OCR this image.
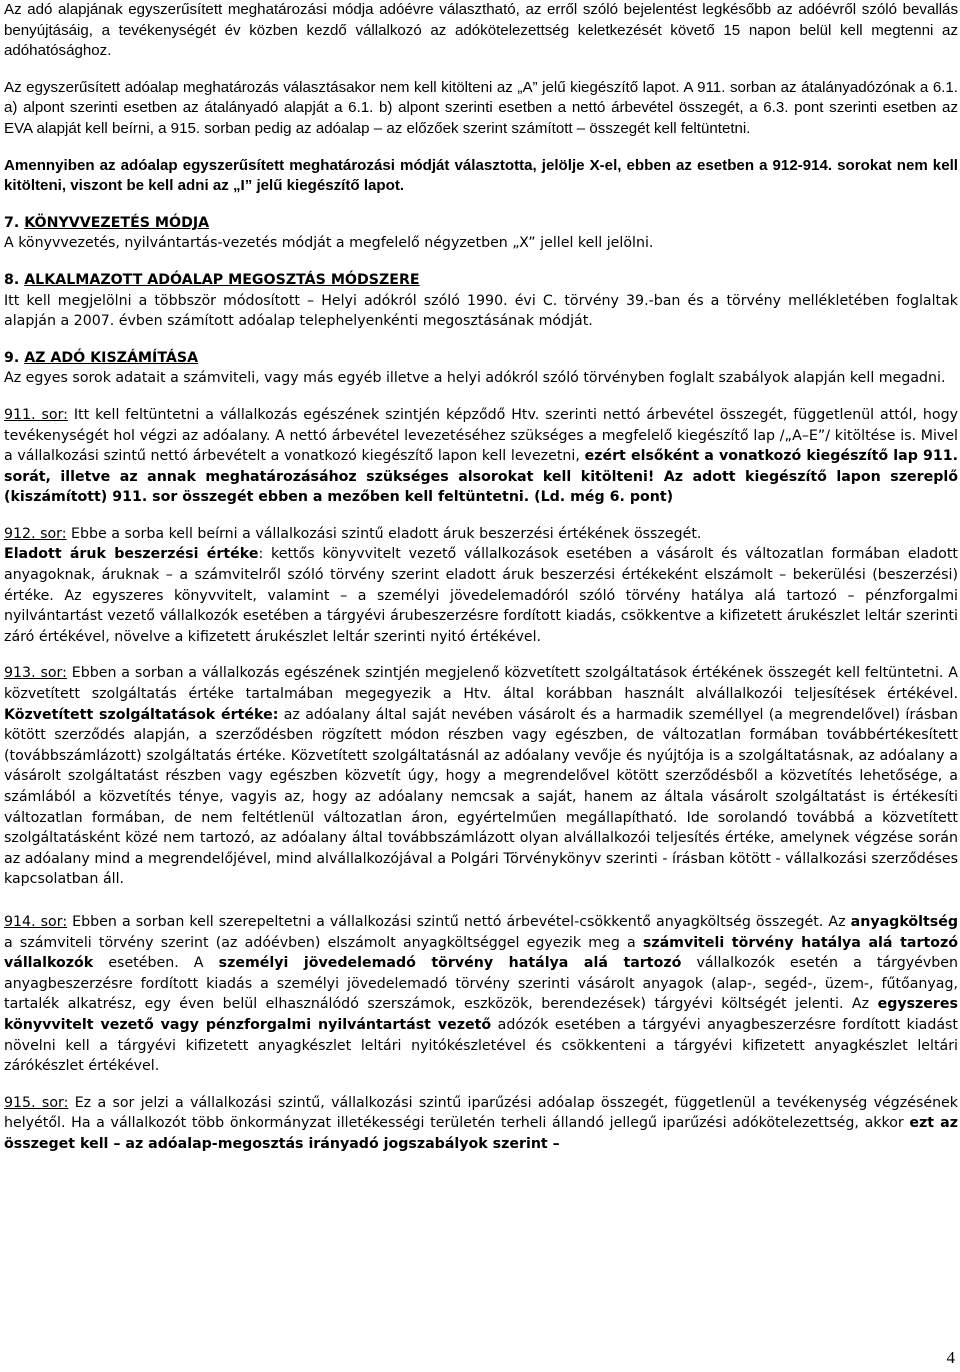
Az adó alapjának egyszerűsített meghatározási módja adóévre választható, az erről szóló bejelentést legkésőbb az adóévről szóló bevallás benyújtásáig, a tevékenységét év közben kezdő vállalkozó az adókötelezettség keletkezését követő 15 napon belül kell megtenni az adóhatósághoz.

Az egyszerűsített adóalap meghatározás választásakor nem kell kitölteni az „A” jelű kiegészítő lapot. A 911. sorban az átalányadózónak a 6.1. a) alpont szerinti esetben az átalányadó alapját a 6.1. b) alpont szerinti esetben a nettó árbevétel összegét, a 6.3. pont szerinti esetben az EVA alapját kell beírni, a 915. sorban pedig az adóalap – az előzőek szerint számított – összegét kell feltüntetni.

Amennyiben az adóalap egyszerűsített meghatározási módját választotta, jelölje X-el, ebben az esetben a 912-914. sorokat nem kell kitölteni, viszont be kell adni az „I” jelű kiegészítő lapot.

7. KÖNYVVEZETÉS MÓDJA

A könyvvezetés, nyilvántartás-vezetés módját a megfelelő négyzetben „X” jellel kell jelölni.

8. ALKALMAZOTT ADÓALAP MEGOSZTÁS MÓDSZERE

Itt kell megjelölni a többször módosított – Helyi adókról szóló 1990. évi C. törvény 39.-ban és a törvény mellékletében foglaltak alapján a 2007. évben számított adóalap telephelyenkénti megosztásának módját.

9. AZ ADÓ KISZÁMÍTÁSA

Az egyes sorok adatait a számviteli, vagy más egyéb illetve a helyi adókról szóló törvényben foglalt szabályok alapján kell megadni.

911. sor: Itt kell feltüntetni a vállalkozás egészének szintjén képződő Htv. szerinti nettó árbevétel összegét, függetlenül attól, hogy tevékenységét hol végzi az adóalany. A nettó árbevétel levezetéséhez szükséges a megfelelő kiegészítő lap /„A–E”/ kitöltése is. Mivel a vállalkozási szintű nettó árbevételt a vonatkozó kiegészítő lapon kell levezetni, ezért elsőként a vonatkozó kiegészítő lap 911. sorát, illetve az annak meghatározásához szükséges alsorokat kell kitölteni! Az adott kiegészítő lapon szereplő (kiszámított) 911. sor összegét ebben a mezőben kell feltüntetni. (Ld. még 6. pont)

912. sor: Ebbe a sorba kell beírni a vállalkozási szintű eladott áruk beszerzési értékének összegét.
Eladott áruk beszerzési értéke: kettős könyvvitelt vezető vállalkozások esetében a vásárolt és változatlan formában eladott anyagoknak, áruknak – a számvitelről szóló törvény szerint eladott áruk beszerzési értékeként elszámolt – bekerülési (beszerzési) értéke. Az egyszeres könyvvitelt, valamint – a személyi jövedelemadóról szóló törvény hatálya alá tartozó – pénzforgalmi nyilvántartást vezető vállalkozók esetében a tárgyévi árubeszerzésre fordított kiadás, csökkentve a kifizetett árukészlet leltár szerinti záró értékével, növelve a kifizetett árukészlet leltár szerinti nyitó értékével.

913. sor: Ebben a sorban a vállalkozás egészének szintjén megjelenő közvetített szolgáltatások értékének összegét kell feltüntetni. A közvetített szolgáltatás értéke tartalmában megegyezik a Htv. által korábban használt alvállalkozói teljesítések értékével. Közvetített szolgáltatások értéke: az adóalany által saját nevében vásárolt és a harmadik személlyel (a megrendelővel) írásban kötött szerződés alapján, a szerződésben rögzített módon részben vagy egészben, de változatlan formában továbbértékesített (továbbszámlázott) szolgáltatás értéke. Közvetített szolgáltatásnál az adóalany vevője és nyújtója is a szolgáltatásnak, az adóalany a vásárolt szolgáltatást részben vagy egészben közvetít úgy, hogy a megrendelővel kötött szerződésből a közvetítés lehetősége, a számlából a közvetítés ténye, vagyis az, hogy az adóalany nemcsak a saját, hanem az általa vásárolt szolgáltatást is értékesíti változatlan formában, de nem feltétlenül változatlan áron, egyértelműen megállapítható. Ide sorolandó továbbá a közvetített szolgáltatásként közé nem tartozó, az adóalany által továbbszámlázott olyan alvállalkozói teljesítés értéke, amelynek végzése során az adóalany mind a megrendelőjével, mind alvállalkozójával a Polgári Törvénykönyv szerinti - írásban kötött - vállalkozási szerződéses kapcsolatban áll.

914. sor: Ebben a sorban kell szerepeltetni a vállalkozási szintű nettó árbevétel-csökkentő anyagköltség összegét. Az anyagköltség a számviteli törvény szerint (az adóévben) elszámolt anyagköltséggel egyezik meg a számviteli törvény hatálya alá tartozó vállalkozók esetében. A személyi jövedelemadó törvény hatálya alá tartozó vállalkozók esetén a tárgyévben anyagbeszerzésre fordított kiadás a személyi jövedelemadó törvény szerinti vásárolt anyagok (alap-, segéd-, üzem-, fűtőanyag, tartalék alkatrész, egy éven belül elhasználódó szerszámok, eszközök, berendezések) tárgyévi költségét jelenti. Az egyszeres könyvvitelt vezető vagy pénzforgalmi nyilvántartást vezető adózók esetében a tárgyévi anyagbeszerzésre fordított kiadást növelni kell a tárgyévi kifizetett anyagkészlet leltári nyitókészletével és csökkenteni a tárgyévi kifizetett anyagkészlet leltári zárókészlet értékével.

915. sor: Ez a sor jelzi a vállalkozási szintű, vállalkozási szintű iparűzési adóalap összegét, függetlenül a tevékenység végzésének helyétől. Ha a vállalkozót több önkormányzat illetékességi területén terheli állandó jellegű iparűzési adókötelezettség, akkor ezt az összeget kell – az adóalap-megosztás irányadó jogszabályok szerint –

4
